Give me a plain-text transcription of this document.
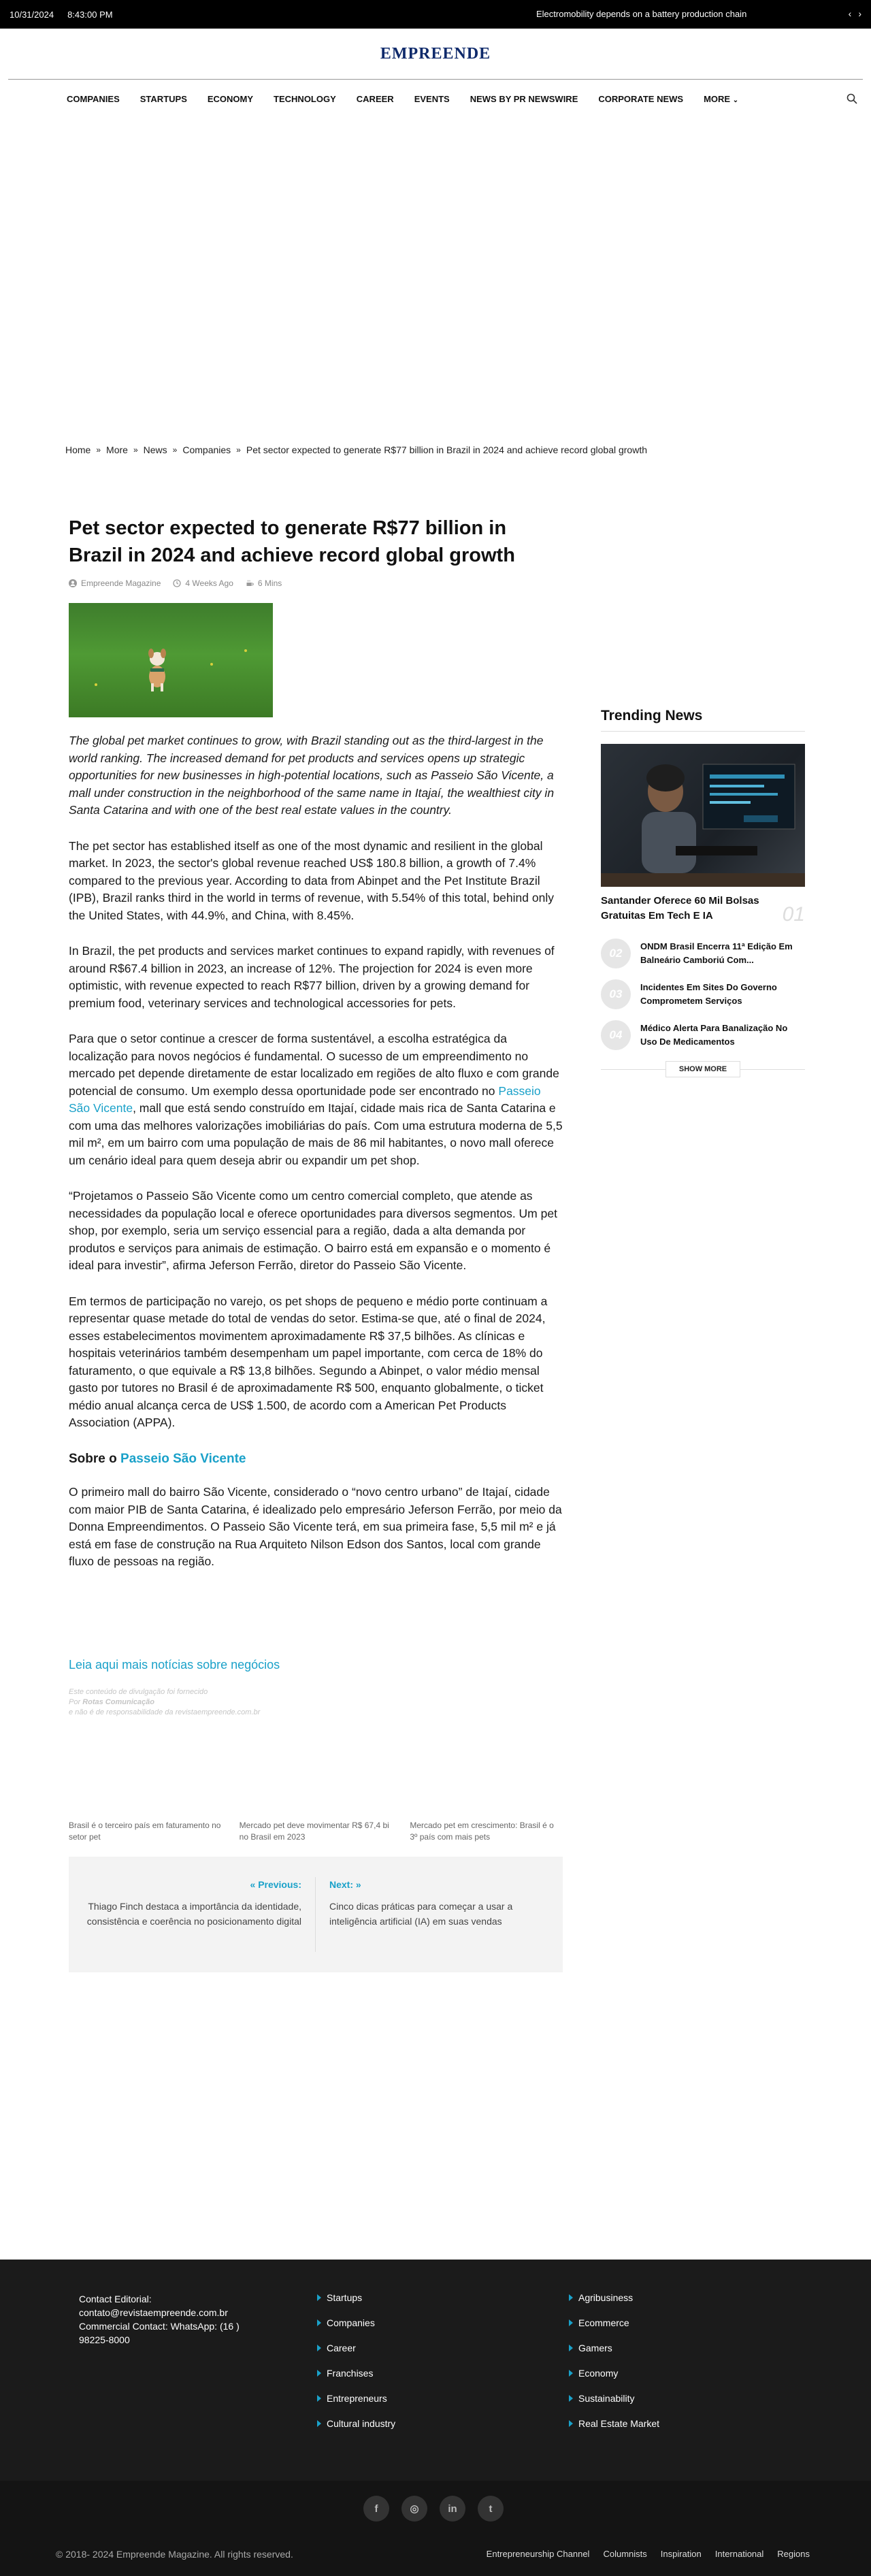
10/31/2024 8:43:00 PM	Electromobility depends on a battery production chain	‹ ›
EMPREENDE
COMPANIES STARTUPS ECONOMY TECHNOLOGY CAREER EVENTS NEWS BY PR NEWSWIRE CORPORATE NEWS MORE ⌄
Home » More » News » Companies » Pet sector expected to generate R$77 billion in Brazil in 2024 and achieve record global growth
Pet sector expected to generate R$77 billion in Brazil in 2024 and achieve record global growth
Empreende Magazine	4 Weeks Ago	6 Mins

The global pet market continues to grow, with Brazil standing out as the third-largest in the world ranking. The increased demand for pet products and services opens up strategic opportunities for new businesses in high-potential locations, such as Passeio São Vicente, a mall under construction in the neighborhood of the same name in Itajaí, the wealthiest city in Santa Catarina and with one of the best real estate values in the country.

The pet sector has established itself as one of the most dynamic and resilient in the global market. In 2023, the sector's global revenue reached US$ 180.8 billion, a growth of 7.4% compared to the previous year. According to data from Abinpet and the Pet Institute Brazil (IPB), Brazil ranks third in the world in terms of revenue, with 5.54% of this total, behind only the United States, with 44.9%, and China, with 8.45%.

In Brazil, the pet products and services market continues to expand rapidly, with revenues of around R$67.4 billion in 2023, an increase of 12%. The projection for 2024 is even more optimistic, with revenue expected to reach R$77 billion, driven by a growing demand for premium food, veterinary services and technological accessories for pets.

Para que o setor continue a crescer de forma sustentável, a escolha estratégica da localização para novos negócios é fundamental. O sucesso de um empreendimento no mercado pet depende diretamente de estar localizado em regiões de alto fluxo e com grande potencial de consumo. Um exemplo dessa oportunidade pode ser encontrado no Passeio São Vicente, mall que está sendo construído em Itajaí, cidade mais rica de Santa Catarina e com uma das melhores valorizações imobiliárias do país. Com uma estrutura moderna de 5,5 mil m², em um bairro com uma população de mais de 86 mil habitantes, o novo mall oferece um cenário ideal para quem deseja abrir ou expandir um pet shop.

“Projetamos o Passeio São Vicente como um centro comercial completo, que atende as necessidades da população local e oferece oportunidades para diversos segmentos. Um pet shop, por exemplo, seria um serviço essencial para a região, dada a alta demanda por produtos e serviços para animais de estimação. O bairro está em expansão e o momento é ideal para investir”, afirma Jeferson Ferrão, diretor do Passeio São Vicente.

Em termos de participação no varejo, os pet shops de pequeno e médio porte continuam a representar quase metade do total de vendas do setor. Estima-se que, até o final de 2024, esses estabelecimentos movimentem aproximadamente R$ 37,5 bilhões. As clínicas e hospitais veterinários também desempenham um papel importante, com cerca de 18% do faturamento, o que equivale a R$ 13,8 bilhões. Segundo a Abinpet, o valor médio mensal gasto por tutores no Brasil é de aproximadamente R$ 500, enquanto globalmente, o ticket médio anual alcança cerca de US$ 1.500, de acordo com a American Pet Products Association (APPA).

Sobre o Passeio São Vicente

O primeiro mall do bairro São Vicente, considerado o “novo centro urbano” de Itajaí, cidade com maior PIB de Santa Catarina, é idealizado pelo empresário Jeferson Ferrão, por meio da Donna Empreendimentos. O Passeio São Vicente terá, em sua primeira fase, 5,5 mil m² e já está em fase de construção na Rua Arquiteto Nilson Edson dos Santos, local com grande fluxo de pessoas na região.

Leia aqui mais notícias sobre negócios
Este conteúdo de divulgação foi fornecido
Por Rotas Comunicação
e não é de responsabilidade da revistaempreende.com.br
Brasil é o terceiro país em faturamento no setor pet
Mercado pet deve movimentar R$ 67,4 bi no Brasil em 2023
Mercado pet em crescimento: Brasil é o 3º país com mais pets
« Previous:
Thiago Finch destaca a importância da identidade, consistência e coerência no posicionamento digital
Next: »
Cinco dicas práticas para começar a usar a inteligência artificial (IA) em suas vendas
Trending News
Santander Oferece 60 Mil Bolsas Gratuitas Em Tech E IA	01
02
ONDM Brasil Encerra 11ª Edição Em Balneário Camboriú Com...
03
Incidentes Em Sites Do Governo Comprometem Serviços
04
Médico Alerta Para Banalização No Uso De Medicamentos
SHOW MORE
Contact Editorial:
contato@revistaempreende.com.br
Commercial Contact: WhatsApp: (16 ) 98225-8000
Startups
Companies
Career
Franchises
Entrepreneurs
Cultural industry
Agribusiness
Ecommerce
Gamers
Economy
Sustainability
Real Estate Market
f	◎	in	t
© 2018- 2024 Empreende Magazine. All rights reserved.	Entrepreneurship Channel Columnists Inspiration International Regions
